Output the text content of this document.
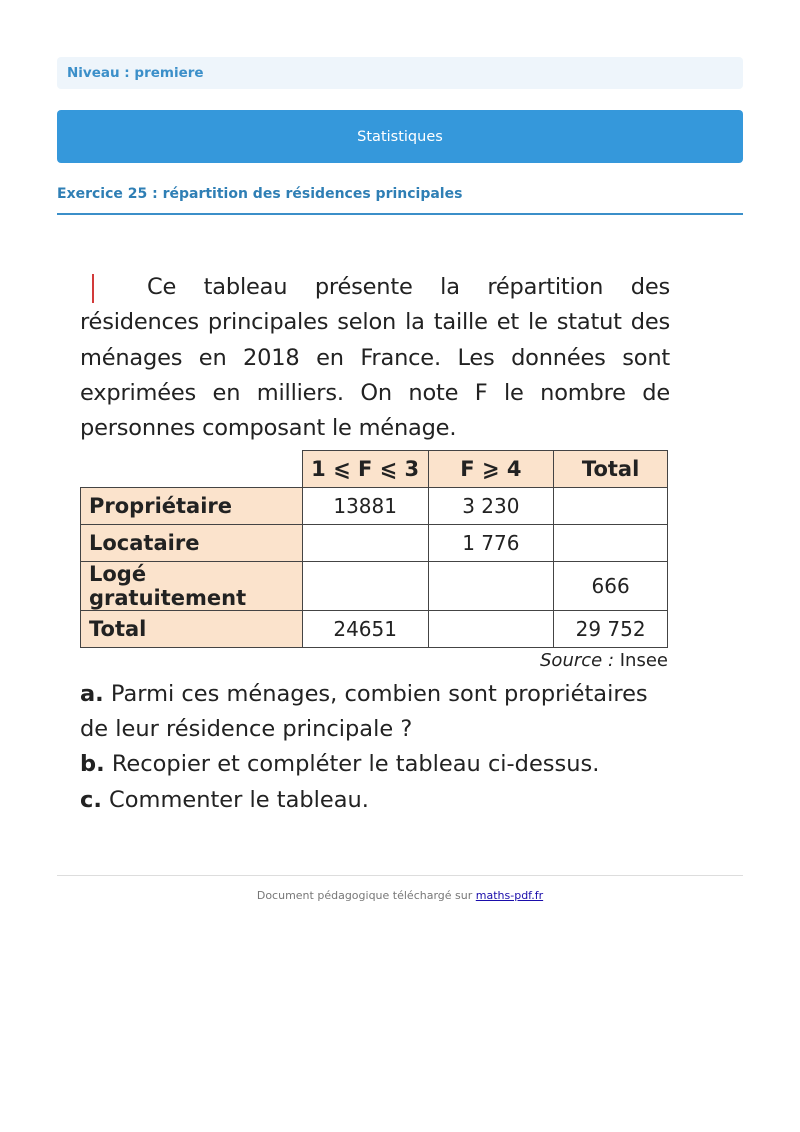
Niveau : premiere
Statistiques
Exercice 25 : répartition des résidences principales

Ce tableau présente la répartition des résidences principales selon la taille et le statut des ménages en 2018 en France. Les données sont exprimées en milliers. On note F le nombre de personnes composant le ménage.

	1 ⩽ F ⩽ 3	F ⩾ 4	Total
Propriétaire	13881	3 230	
Locataire		1 776	
Logé gratuitement			666
Total	24651		29 752
Source : Insee
a. Parmi ces ménages, combien sont propriétaires de leur résidence principale ?
b. Recopier et compléter le tableau ci-dessus.
c. Commenter le tableau.
Document pédagogique téléchargé sur maths-pdf.fr
